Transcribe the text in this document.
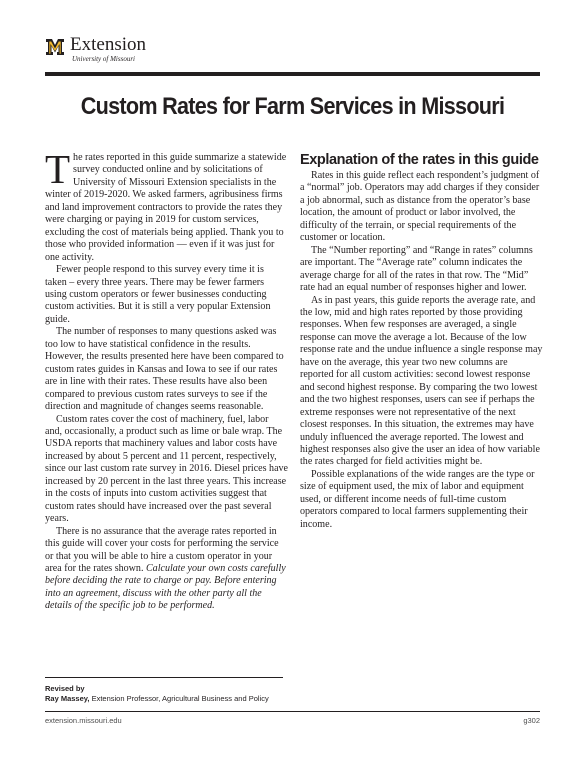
Extension
University of Missouri
Custom Rates for Farm Services in Missouri

The rates reported in this guide summarize a statewide survey conducted online and by solicitations of University of Missouri Extension specialists in the winter of 2019-2020. We asked farmers, agribusiness firms and land improvement contractors to provide the rates they were charging or paying in 2019 for custom services, excluding the cost of materials being applied. Thank you to those who provided information — even if it was just for one activity.

Fewer people respond to this survey every time it is taken – every three years. There may be fewer farmers using custom operators or fewer businesses conducting custom activities. But it is still a very popular Extension guide.

The number of responses to many questions asked was too low to have statistical confidence in the results. However, the results presented here have been compared to custom rates guides in Kansas and Iowa to see if our rates are in line with their rates. These results have also been compared to previous custom rates surveys to see if the direction and magnitude of changes seems reasonable.

Custom rates cover the cost of machinery, fuel, labor and, occasionally, a product such as lime or bale wrap. The USDA reports that machinery values and labor costs have increased by about 5 percent and 11 percent, respectively, since our last custom rate survey in 2016. Diesel prices have increased by 20 percent in the last three years. This increase in the costs of inputs into custom activities suggest that custom rates should have increased over the past several years.

There is no assurance that the average rates reported in this guide will cover your costs for performing the service or that you will be able to hire a custom operator in your area for the rates shown. Calculate your own costs carefully before deciding the rate to charge or pay. Before entering into an agreement, discuss with the other party all the details of the specific job to be performed.

Explanation of the rates in this guide

Rates in this guide reflect each respondent’s judgment of a “normal” job. Operators may add charges if they consider a job abnormal, such as distance from the operator’s base location, the amount of product or labor involved, the difficulty of the terrain, or special requirements of the customer or location.

The “Number reporting” and “Range in rates” columns are important. The “Average rate” column indicates the average charge for all of the rates in that row. The “Mid” rate had an equal number of responses higher and lower.

As in past years, this guide reports the average rate, and the low, mid and high rates reported by those providing responses. When few responses are averaged, a single response can move the average a lot. Because of the low response rate and the undue influence a single response may have on the average, this year two new columns are reported for all custom activities: second lowest response and second highest response. By comparing the two lowest and the two highest responses, users can see if perhaps the extreme responses were not representative of the next closest responses. In this situation, the extremes may have unduly influenced the average reported. The lowest and highest responses also give the user an idea of how variable the rates charged for field activities might be.

Possible explanations of the wide ranges are the type or size of equipment used, the mix of labor and equipment used, or different income needs of full-time custom operators compared to local farmers supplementing their income.

Revised by
Ray Massey, Extension Professor, Agricultural Business and Policy
extension.missouri.edu	g302
